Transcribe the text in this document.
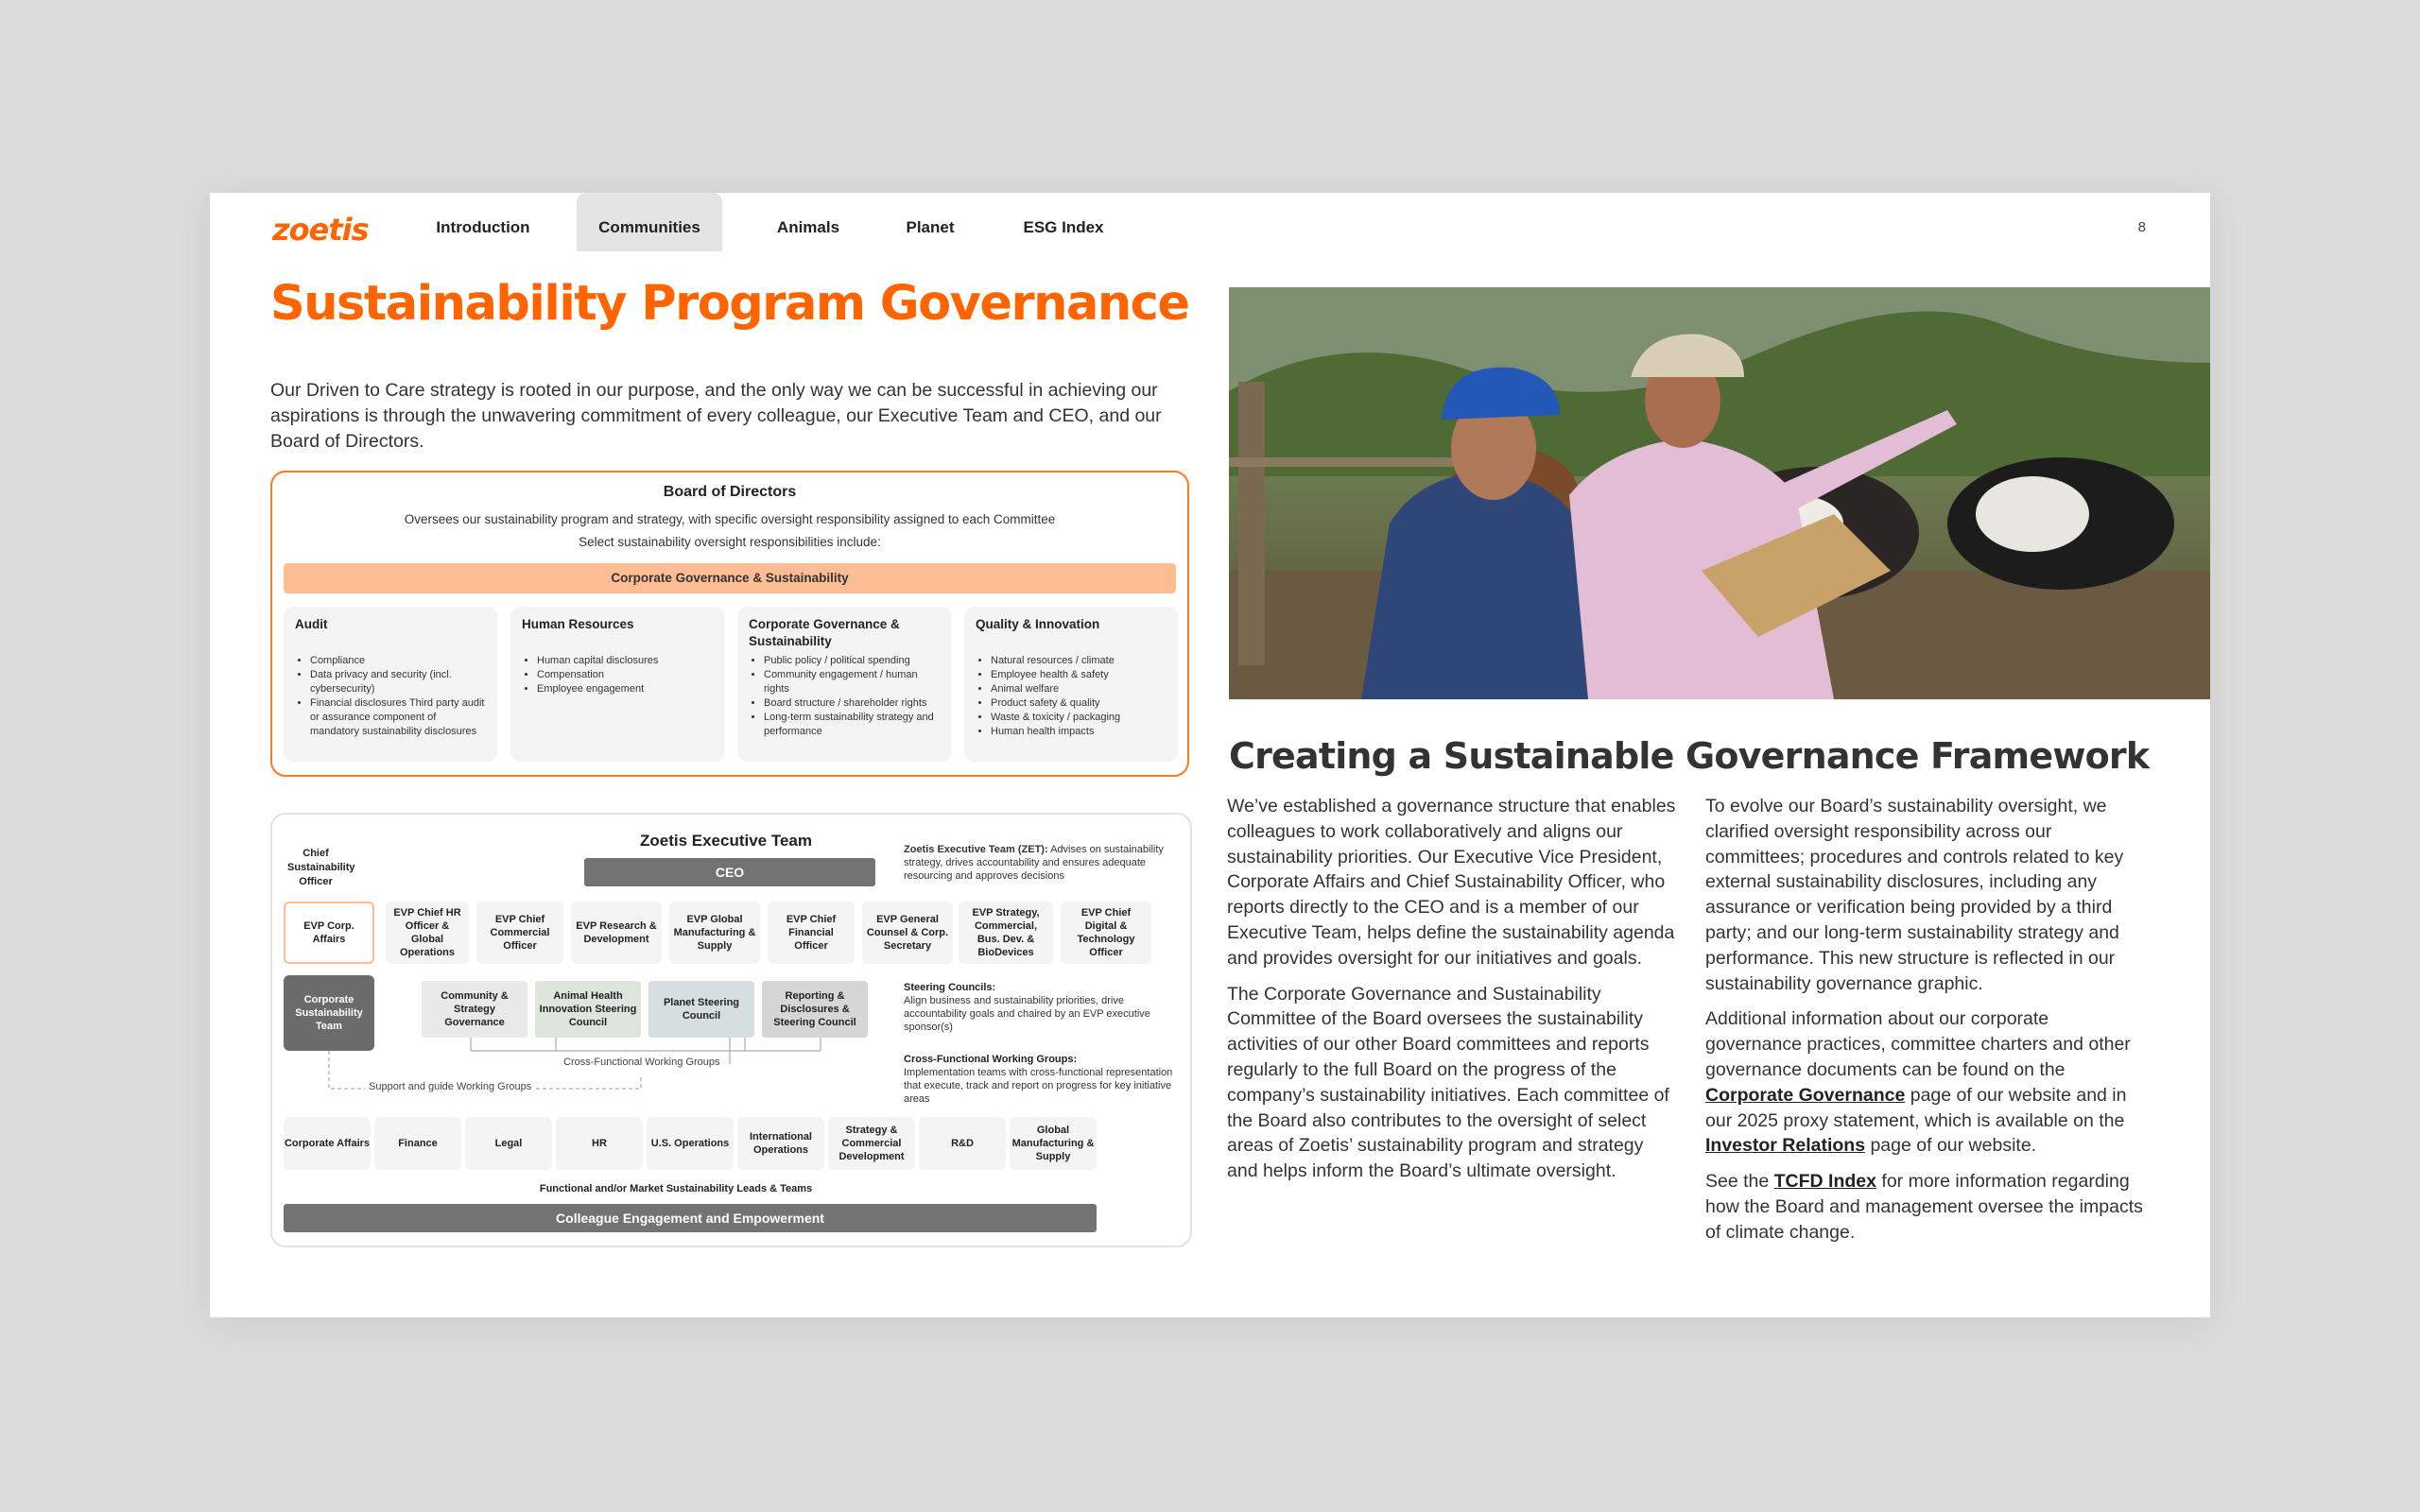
zoetis	Introduction	Communities	Animals	Planet	ESG Index	8
Sustainability Program Governance

Our Driven to Care strategy is rooted in our purpose, and the only way we can be successful in achieving our aspirations is through the unwavering commitment of every colleague, our Executive Team and CEO, and our Board of Directors.

Board of Directors
Oversees our sustainability program and strategy, with specific oversight responsibility assigned to each Committee
Select sustainability oversight responsibilities include:
Corporate Governance & Sustainability
Audit
• Compliance
• Data privacy and security (incl. cybersecurity)
• Financial disclosures Third party audit or assurance component of mandatory sustainability disclosures
Human Resources
• Human capital disclosures
• Compensation
• Employee engagement
Corporate Governance & Sustainability
• Public policy / political spending
• Community engagement / human rights
• Board structure / shareholder rights
• Long-term sustainability strategy and performance
Quality & Innovation
• Natural resources / climate
• Employee health & safety
• Animal welfare
• Product safety & quality
• Waste & toxicity / packaging
• Human health impacts
Zoetis Executive Team
CEO
Chief Sustainability Officer
Zoetis Executive Team (ZET): Advises on sustainability strategy, drives accountability and ensures adequate resourcing and approves decisions
EVP Corp. Affairs
EVP Chief HR Officer & Global Operations
EVP Chief Commercial Officer
EVP Research & Development
EVP Global Manufacturing & Supply
EVP Chief Financial Officer
EVP General Counsel & Corp. Secretary
EVP Strategy, Commercial, Bus. Dev. & BioDevices
EVP Chief Digital & Technology Officer
Corporate Sustainability Team
Community & Strategy Governance
Animal Health Innovation Steering Council
Planet Steering Council
Reporting & Disclosures & Steering Council
Steering Councils:
Align business and sustainability priorities, drive accountability goals and chaired by an EVP executive sponsor(s)
Cross-Functional Working Groups:
Implementation teams with cross-functional representation that execute, track and report on progress for key initiative areas
Cross-Functional Working Groups
Support and guide Working Groups
Corporate Affairs	Finance	Legal	HR	U.S. Operations
International Operations
Strategy & Commercial Development
R&D
Global Manufacturing & Supply
Functional and/or Market Sustainability Leads & Teams
Colleague Engagement and Empowerment
Creating a Sustainable Governance Framework

We’ve established a governance structure that enables colleagues to work collaboratively and aligns our sustainability priorities. Our Executive Vice President, Corporate Affairs and Chief Sustainability Officer, who reports directly to the CEO and is a member of our Executive Team, helps define the sustainability agenda and provides oversight for our initiatives and goals.

The Corporate Governance and Sustainability Committee of the Board oversees the sustainability activities of our other Board committees and reports regularly to the full Board on the progress of the company’s sustainability initiatives. Each committee of the Board also contributes to the oversight of select areas of Zoetis’ sustainability program and strategy and helps inform the Board’s ultimate oversight.

To evolve our Board’s sustainability oversight, we clarified oversight responsibility across our committees; procedures and controls related to key external sustainability disclosures, including any assurance or verification being provided by a third party; and our long-term sustainability strategy and performance. This new structure is reflected in our sustainability governance graphic.

Additional information about our corporate governance practices, committee charters and other governance documents can be found on the Corporate Governance page of our website and in our 2025 proxy statement, which is available on the Investor Relations page of our website.

See the TCFD Index for more information regarding how the Board and management oversee the impacts of climate change.
